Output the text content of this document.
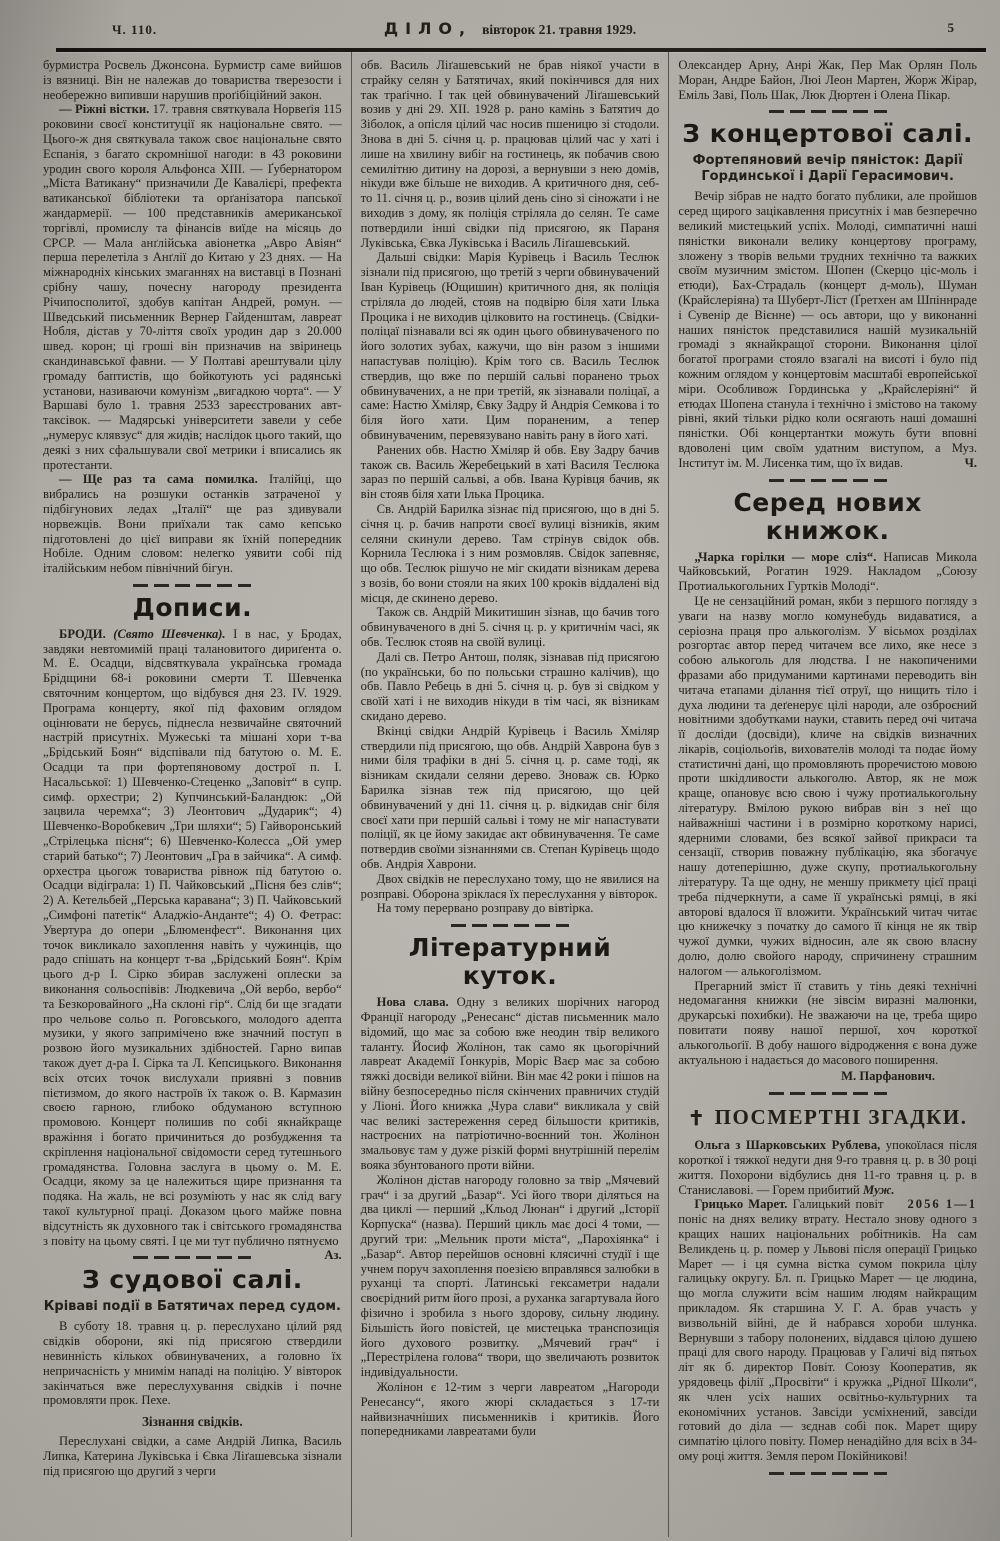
Ч. 110.	ДІЛО, вівторок 21. травня 1929.	5

бурмистра Росвель Джонсона. Бурмистр саме вийшов із вязниці. Він не належав до товариства тверезости і необережно випивши нарушив проґібіційний закон.

— Ріжні вістки. 17. травня святкувала Норвеґія 115 роковини своєї конституції як національне свято. — Цього-ж дня святкувала також своє національне свято Еспанія, з багато скромнішої нагоди: в 43 роковини уродин свого короля Альфонса XIII. — Ґубернатором „Міста Ватикану“ призначили Де Кавалієрі, префекта ватиканської бібліотеки та орґанізатора папської жандармерії. — 100 представників американської торгівлі, промислу та фінансів виїде на місяць до СРСР. — Мала анґлійська авіонетка „Авро Авіян“ перша перелетіла з Анґлії до Китаю у 23 днях. — На міжнародніх кінських змаганнях на виставці в Познані срібну чашу, почесну нагороду президента Річипосполитої, здобув капітан Андрей, ромун. — Шведський письменник Вернер Гайденштам, лавреат Нобля, дістав у 70-ліття своїх уродин дар з 20.000 швед. корон; ці гроші він призначив на звіринець скандинавської фавни. — У Полтаві арештували цілу громаду баптистів, що бойкотують усі радянські установи, називаючи комунізм „вигадкою чорта“. — У Варшаві було 1. травня 2533 зареєстрованих авт-таксівок. — Мадярські університети завели у себе „нумерус клявзус“ для жидів; наслідок цього такий, що деякі з них сфальшували свої метрики і вписались як протестанти.

— Ще раз та сама помилка. Італійці, що вибрались на розшуки останків затраченої у підбігунових ледах „Італії“ ще раз здивували норвежців. Вони приїхали так само кепсько підготовлені до цієї виправи як їхній попередник Нобіле. Одним словом: нелегко уявити собі під італійським небом північний бігун.

Дописи.

БРОДИ. (Свято Шевченка). І в нас, у Бродах, завдяки невтомимій праці талановитого дириґента о. М. Е. Осадци, відсвяткувала українська громада Брідщини 68-і роковини смерти Т. Шевченка святочним концертом, що відбувся дня 23. IV. 1929. Програма концерту, якої під фаховим оглядом оцінювати не берусь, піднесла незвичайне святочний настрій присутніх. Мужеські та мішані хори т-ва „Брідський Боян“ відспівали під батутою о. М. Е. Осадци та при фортепяновому дострої п. І. Насальської: 1) Шевченко-Стеценко „Заповіт“ в супр. симф. орхестри; 2) Купчинський-Баландюк: „Ой зацвила черемха“; 3) Леонтович „Дударик“; 4) Шевченко-Воробкевич „Три шляхи“; 5) Гайворонський „Стрілецька пісня“; 6) Шевченко-Колесса „Ой умер старий батько“; 7) Леонтович „Гра в зайчика“. А симф. орхестра цьогож товариства рівнож під батутою о. Осадци відіграла: 1) П. Чайковський „Пісня без слів“; 2) А. Кетельбей „Перська каравана“; 3) П. Чайковський „Симфоні патетік“ Аладжіо-Анданте“; 4) О. Фетрас: Увертура до опери „Блюменфест“. Виконання цих точок викликало захоплення навіть у чужинців, що радо спішать на концерт т-ва „Брідський Боян“. Крім цього д-р І. Сірко збирав заслужені оплески за виконання сольоспівів: Людкевича „Ой вербо, вербо“ та Безкоровайного „На склоні гір“. Слід би ще згадати про чельове сольо п. Роговського, молодого адепта музики, у якого запримічено вже значний поступ в розвою його музикальних здібностей. Гарно випав також дует д-ра І. Сірка та Л. Кепсицького. Виконання всіх отсих точок вислухали приявні з повнив пієтизмом, до якого настроїв їх також о. В. Кармазин своєю гарною, глибоко обдуманою вступною промовою. Концерт полишив по собі якнайкраще вражіння і богато причиниться до розбудження та скріплення національної свідомости серед тутешнього громадянства. Головна заслуга в цьому о. М. Е. Осадци, якому за це належиться щире признання та подяка. На жаль, не всі розуміють у нас як слід вагу такої культурної праці. Доказом цього майже повна відсутність як духовного так і світського громадянства з повіту на цьому святі. І це ми тут публично пятнуємо
Аз.

З судової салі.
Кріваві події в Батятичах перед судом.

В суботу 18. травня ц. р. переслухано цілий ряд свідків оборони, які під присягою ствердили невинність кількох обвинувачених, а головно їх непричасність у мнимім нападі на поліцію. У вівторок закінчаться вже переслухування свідків і почне промовляти прок. Пехе.

Зізнання свідків.

Переслухані свідки, а саме Андрій Липка, Василь Липка, Катерина Луківська і Євка Ліґашевська зізнали під присягою що другий з черги

обв. Василь Ліґашевський не брав ніякої участи в страйку селян у Батятичах, який покінчився для них так траґічно. І так цей обвинувачений Ліґашевський возив у дні 29. XII. 1928 р. рано камінь з Батятич до Зіболок, а опісля цілий час носив пшеницю зі стодоли. Знова в дні 5. січня ц. р. працював цілий час у хаті і лише на хвилину вибіг на гостинець, як побачив свою семилітню дитину на дорозі, а вернувши з нею домів, нікуди вже більше не виходив. А критичного дня, себ-то 11. січня ц. р., возив цілий день сіно зі сіножати і не виходив з дому, як поліція стріляла до селян. Те саме потвердили інші свідки під присягою, як Параня Луківська, Євка Луківська і Василь Ліґашевський.

Дальші свідки: Марія Курівець і Василь Теслюк зізнали під присягою, що третій з черги обвинувачений Іван Курівець (Ющишин) критичного дня, як поліція стріляла до людей, стояв на подвірю біля хати Ілька Процика і не виходив цілковито на гостинець. (Свідки-поліцаї пізнавали всі як один цього обвинуваченого по його золотих зубах, кажучи, що він разом з іншими напастував поліцію). Крім того св. Василь Теслюк ствердив, що вже по першій сальві поранено трьох обвинувачених, а не при третій, як зізнавали поліцаї, а саме: Настю Хміляр, Євку Задру й Андрія Семкова і то біля його хати. Цим пораненим, а тепер обвинуваченим, перевязувано навіть рану в його хаті.

Ранених обв. Настю Хміляр й обв. Еву Задру бачив також св. Василь Жеребецький в хаті Василя Теслюка зараз по першій сальві, а обв. Івана Курівця бачив, як він стояв біля хати Ілька Процика.

Св. Андрій Барилка зізнає під присягою, що в дні 5. січня ц. р. бачив напроти своєї вулиці візників, яким селяни скинули дерево. Там стрінув свідок обв. Корнила Теслюка і з ним розмовляв. Свідок запевняє, що обв. Теслюк рішучо не міг скидати візникам дерева з возів, бо вони стояли на яких 100 кроків віддалені від місця, де скинено дерево.

Також св. Андрій Микитишин зізнав, що бачив того обвинуваченого в дні 5. січня ц. р. у критичнім часі, як обв. Теслюк стояв на своїй вулиці.

Далі св. Петро Антош, поляк, зізнавав під присягою (по українськи, бо по польськи страшно калічив), що обв. Павло Ребець в дні 5. січня ц. р. був зі свідком у своїй хаті і не виходив нікуди в тім часі, як візникам скидано дерево.

Вкінці свідки Андрій Курівець і Василь Хміляр ствердили під присягою, що обв. Андрій Хаврона був з ними біля трафіки в дні 5. січня ц. р. саме тоді, як візникам скидали селяни дерево. Зноваж св. Юрко Барилка зізнав теж під присягою, що цей обвинувачений у дні 11. січня ц. р. відкидав сніг біля своєї хати при першій сальві і тому не міг напастувати поліції, як це йому закидає акт обвинувачення. Те саме потвердив своїми зізнаннями св. Степан Курівець щодо обв. Андрія Хаврони.

Двох свідків не переслухано тому, що не явилися на розправі. Оборона зріклася їх переслухання у вівторок.

На тому перервано розправу до вівтірка.

Літературний куток.

Нова слава. Одну з великих шорічних нагород Франції нагороду „Ренесанс“ дістав письменник мало відомий, що має за собою вже неодин твір великого таланту. Йосиф Жолінон, так само як цьогорічний лавреат Академії Ґонкурів, Моріс Ваєр має за собою тяжкі досвіди великої війни. Він має 42 роки і пішов на війну безпосередньо після скінчених правничих студій у Ліоні. Його книжка „Чура слави“ викликала у свій час великі застереження серед більшости критиків, настроєних на патріотично-воєнний тон. Жолінон змальовує там у дуже різкій формі внутрішній перелім вояка збунтованого проти війни.

Жолінон дістав нагороду головно за твір „Мячевий грач“ і за другий „Базар“. Усі його твори діляться на два циклі — перший „Кльод Люнан“ і другий „Історії Корпуска“ (назва). Перший цикль має досі 4 томи, — другий три: „Мельник проти міста“, „Парохіянка“ і „Базар“. Автор перейшов основні клясичні студії і ще учнем поруч захоплення поезією вправлявся залюбки в руханці та спорті. Латинські гексаметри надали своєрідний ритм його прозі, а руханка загартувала його фізично і зробила з нього здорову, сильну людину. Більшість його повістей, це мистецька транспозиція його духового розвитку. „Мячевий грач“ і „Перестрілена голова“ твори, що звеличають розвиток індивідуальности.

Жолінон є 12-тим з черги лавреатом „Нагороди Ренесансу“, якого жюрі складається з 17-ти найвизначніших письменників і критиків. Його попередниками лавреатами були

Олександер Арну, Анрі Жак, Пер Мак Орлян Поль Моран, Андре Байон, Люі Леон Мартен, Жорж Жірар, Еміль Заві, Поль Шак, Люк Дюртен і Олена Пікар.

З концертової салі.
Фортепяновий вечір пяністок: Дарії Гординської і Дарії Герасимович.

Вечір зібрав не надто богато публики, але пройшов серед щирого зацікавлення присутніх і мав безперечно великий мистецький успіх. Молоді, симпатичні наші пяністки виконали велику концертову програму, зложену з творів вельми трудних технічно та важких своїм музичним змістом. Шопен (Скерцо ціс-моль і етюди), Бах-Страдаль (концерт д-моль), Шуман (Крайслеріяна) та Шуберт-Ліст (Ґретхен ам Шпіннраде і Сувенір де Вієнне) — ось автори, що у виконанні наших пяністок представилися нашій музикальній громаді з якнайкращої сторони. Виконання цілої богатої програми стояло взагалі на висоті і було під кожним оглядом у концертовім масштабі европейської міри. Особливож Гординська у „Крайслеріяні“ й етюдах Шопена станула і технічно і змістово на такому рівні, який тільки рідко коли осягають наші домашні пяністки. Обі концертантки можуть бути вповні вдоволені цим своїм удатним виступом, а Муз. Інститут ім. М. Лисенка тим, що їх видав.	Ч.

Серед нових книжок.

„Чарка горілки — море сліз“. Написав Микола Чайковський, Рогатин 1929. Накладом „Союзу Протиалькогольних Гуртків Молоді“.

Це не сензаційний роман, якби з першого погляду з уваги на назву могло комунебудь видаватися, а серіозна праця про алькоголізм. У вісьмох розділах розгортає автор перед читачем все лихо, яке несе з собою алькоголь для людства. І не накопиченими фразами або придуманими картинами переводить він читача етапами ділання тієї отруї, що нищить тіло і духа людини та деґенерує цілі народи, але озброєний новітними здобутками науки, ставить перед очі читача її досліди (досвіди), кличе на свідків визначних лікарів, соціольоґів, вихователів молоді та подає йому статистичні дані, що промовляють проречистою мовою проти шкідливости алькоголю. Автор, як не мож краще, опановує всю свою і чужу протиалькогольну літературу. Вмілою рукою вибрав він з неї що найважніші частини і в розмірно короткому нарисі, ядерними словами, без всякої зайвої прикраси та сензації, створив поважну публікацію, яка збогачує нашу дотеперішню, дуже скупу, протиалькогольну літературу. Та ще одну, не меншу прикмету цієї праці треба підчеркнути, а саме її українські рямці, в які авторові вдалося її вложити. Український читач читає цю книжечку з початку до самого її кінця не як твір чужої думки, чужих відносин, але як свою власну долю, долю свойого народу, спричинену страшним налогом — алькоголізмом.

Прегарний зміст її ставить у тінь деякі технічні недомагання книжки (не зівсім виразні малюнки, друкарські похибки). Не зважаючи на це, треба щиро повитати появу нашої першої, хоч короткої алькогольоґії. В добу нашого відродження є вона дуже актуальною і надається до масового поширення.

М. Парфанович.

✝ ПОСМЕРТНІ ЗГАДКИ.

Ольга з Шарковських Рублева, упокоїлася після короткої і тяжкої недуги дня 9-го травня ц. р. в 30 році життя. Похорони відбулись дня 11-го травня ц. р. в Станиславові. — Горем прибитий Муж.
2056 1—1

Грицько Марет. Галицький повіт поніс на днях велику втрату. Нестало знову одного з кращих наших національних робітників. На сам Великдень ц. р. помер у Львові після операції Грицько Марет — і ця сумна вістка сумом покрила цілу галицьку округу. Бл. п. Грицько Марет — це людина, що могла служити всім нашим людям найкращим прикладом. Як старшина У. Г. А. брав участь у визвольній війні, де й набрався хороби шлунка. Вернувши з табору полонених, віддався цілою душею праці для свого народу. Працював у Галичі від пятьох літ як б. директор Повіт. Союзу Кооператив, як урядовець філії „Просвіти“ і кружка „Рідної Школи“, як член усіх наших освітньо-культурних та економічних установ. Завсіди усміхнений, завсіди готовий до діла — зєднав собі пок. Марет щиру симпатію цілого повіту. Помер ненадійно для всіх в 34-ому році життя. Земля пером Покійникові!
